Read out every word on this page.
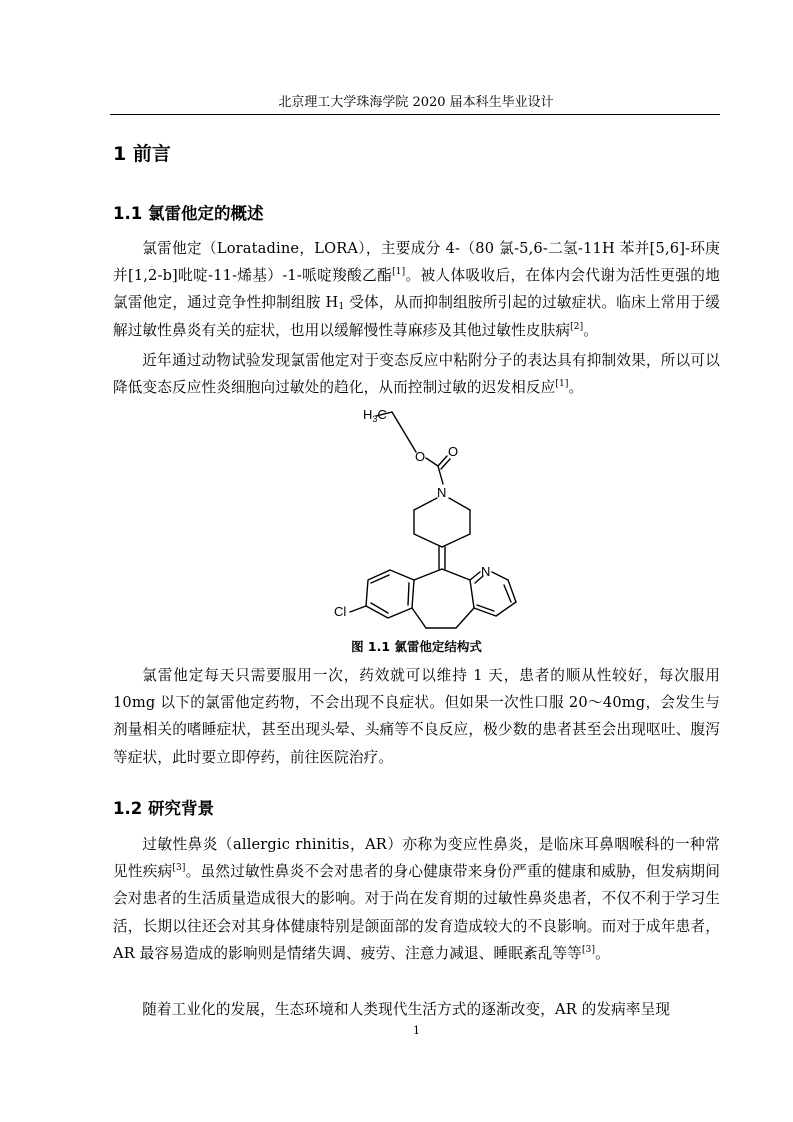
北京理工大学珠海学院 2020 届本科生毕业设计
1 前言
1.1 氯雷他定的概述

氯雷他定（Loratadine，LORA），主要成分 4-（80 氯-5,6-二氢-11H 苯并[5,6]-环庚并[1,2-b]吡啶-11-烯基）-1-哌啶羧酸乙酯[1]。被人体吸收后，在体内会代谢为活性更强的地氯雷他定，通过竞争性抑制组胺 $H_1$ 受体，从而抑制组胺所引起的过敏症状。临床上常用于缓解过敏性鼻炎有关的症状，也用以缓解慢性荨麻疹及其他过敏性皮肤病[2]。

近年通过动物试验发现氯雷他定对于变态反应中粘附分子的表达具有抑制效果，所以可以降低变态反应性炎细胞向过敏处的趋化，从而控制过敏的迟发相反应[1]。

$H_3C$
O O
N
N
Cl
图 1.1 氯雷他定结构式

氯雷他定每天只需要服用一次，药效就可以维持 1 天，患者的顺从性较好，每次服用 10mg 以下的氯雷他定药物，不会出现不良症状。但如果一次性口服 20～40mg，会发生与剂量相关的嗜睡症状，甚至出现头晕、头痛等不良反应，极少数的患者甚至会出现呕吐、腹泻等症状，此时要立即停药，前往医院治疗。

1.2 研究背景

过敏性鼻炎（allergic rhinitis，AR）亦称为变应性鼻炎，是临床耳鼻咽喉科的一种常见性疾病[3]。虽然过敏性鼻炎不会对患者的身心健康带来身份严重的健康和威胁，但发病期间会对患者的生活质量造成很大的影响。对于尚在发育期的过敏性鼻炎患者，不仅不利于学习生活，长期以往还会对其身体健康特别是颌面部的发育造成较大的不良影响。而对于成年患者，AR 最容易造成的影响则是情绪失调、疲劳、注意力减退、睡眠紊乱等等[3]。

随着工业化的发展，生态环境和人类现代生活方式的逐渐改变，AR 的发病率呈现

1
